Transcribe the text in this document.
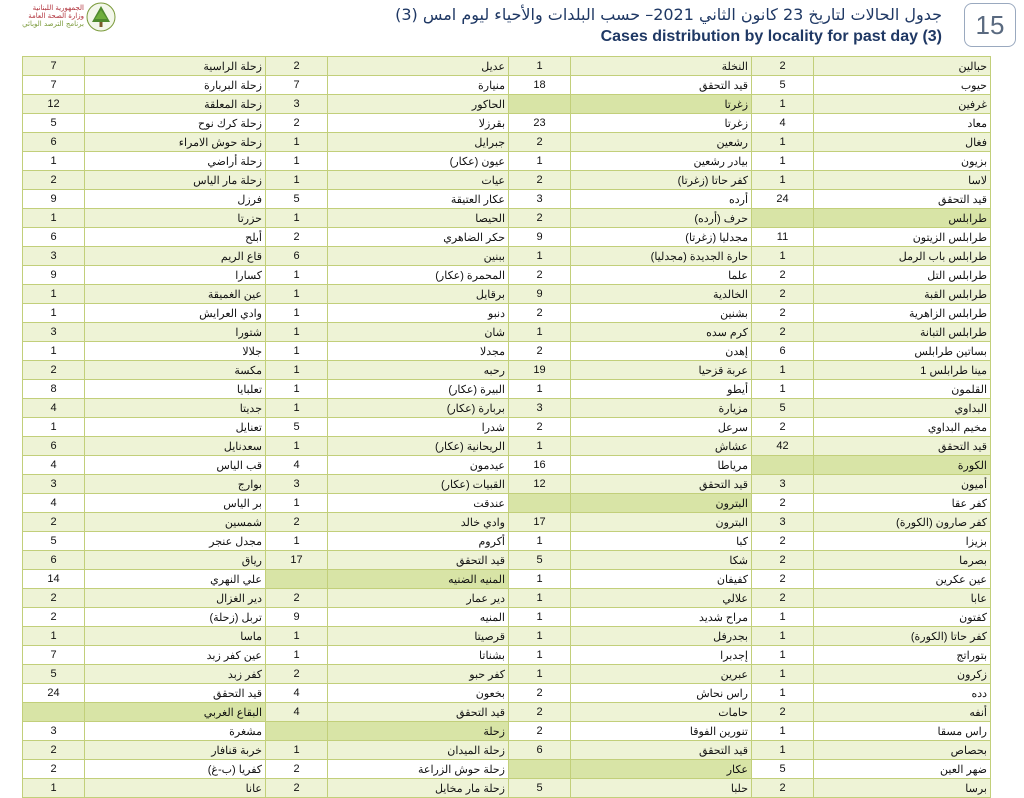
الجمهورية اللبنانية
وزارة الصحة العامة
برنامج الترصد الوبائي	جدول الحالات لتاريخ 23 كانون الثاني 2021– حسب البلدات والأحياء ليوم امس (3)
Cases distribution by locality for past day (3)	15
7	زحلة الراسية	2	عديل	1	النخلة	2	حبالين
7	زحلة البربارة	7	منيارة	18	قيد التحقق	5	حيوب
12	زحلة المعلقة	3	الحاكور		زغرتا	1	غرفين
5	زحلة كرك نوح	2	بقرزلا	23	زغرتا	4	معاد
6	زحلة حوش الامراء	1	جبرايل	2	رشعين	1	فغال
1	زحلة أراضي	1	عيون (عكار)	1	بيادر رشعين	1	بزيون
2	زحلة مار الياس	1	عيات	2	كفر حاتا (زغرتا)	1	لاسا
9	فرزل	5	عكار العتيقة	3	أرده	24	قيد التحقق
1	حزرتا	1	الحيصا	2	حرف (أرده)		طرابلس
6	أبلح	2	حكر الضاهري	9	مجدليا (زغرتا)	11	طرابلس الزيتون
3	قاع الريم	6	ببنين	1	حارة الجديدة (مجدليا)	1	طرابلس باب الرمل
9	كسارا	1	المحمرة (عكار)	2	علما	2	طرابلس التل
1	عين الغميقة	1	برقايل	9	الخالدية	2	طرابلس القبة
1	وادي العرايش	1	دنبو	2	بشنين	2	طرابلس الزاهرية
3	شتورا	1	شان	1	كرم سده	2	طرابلس التبانة
1	جلالا	1	مجدلا	2	إهدن	6	بساتين طرابلس
2	مكسة	1	رحبه	19	عربة قزحيا	1	مينا طرابلس 1
8	تعلبايا	1	البيرة (عكار)	1	أيطو	1	القلمون
4	جديتا	1	بربارة (عكار)	3	مزيارة	5	البداوي
1	تعنايل	5	شدرا	2	سرعل	2	مخيم البداوي
6	سعدنايل	1	الريحانية (عكار)	1	عشاش	42	قيد التحقق
4	قب الياس	4	عيدمون	16	مرياطا		الكورة
3	بوارج	3	القبيات (عكار)	12	قيد التحقق	3	أميون
4	بر الياس	1	عندقت		البترون	2	كفر عقا
2	شمسين	2	وادي خالد	17	البترون	3	كفر صارون (الكورة)
5	مجدل عنجر	1	أكروم	1	كبا	2	بزيزا
6	رياق	17	قيد التحقق	5	شكا	2	بصرما
14	علي النهري		المنيه الضنيه	1	كفيفان	2	عين عكرين
2	دير الغزال	2	دير عمار	1	علالي	2	عابا
2	تربل (زحلة)	9	المنيه	1	مراح شديد	1	كفتون
1	ماسا	1	قرصيتا	1	بجدرفل	1	كفر حاتا (الكورة)
7	عين كفر زبد	1	بشناتا	1	إجدبرا	1	بتوراتج
5	كفر زبد	2	كفر حبو	1	عبرين	1	زكرون
24	قيد التحقق	4	بخعون	2	راس نحاش	1	دده
	البقاع الغربي	4	قيد التحقق	2	حامات	2	أنفه
3	مشغرة		زحلة	2	تنورين الفوقا	1	راس مسقا
2	خربة قنافار	1	زحلة الميدان	6	قيد التحقق	1	بحصاص
2	كفريا (ب-غ)	2	زحلة حوش الزراعة		عكار	5	ضهر العين
1	عانا	2	زحلة مار مخايل	5	حلبا	2	برسا
